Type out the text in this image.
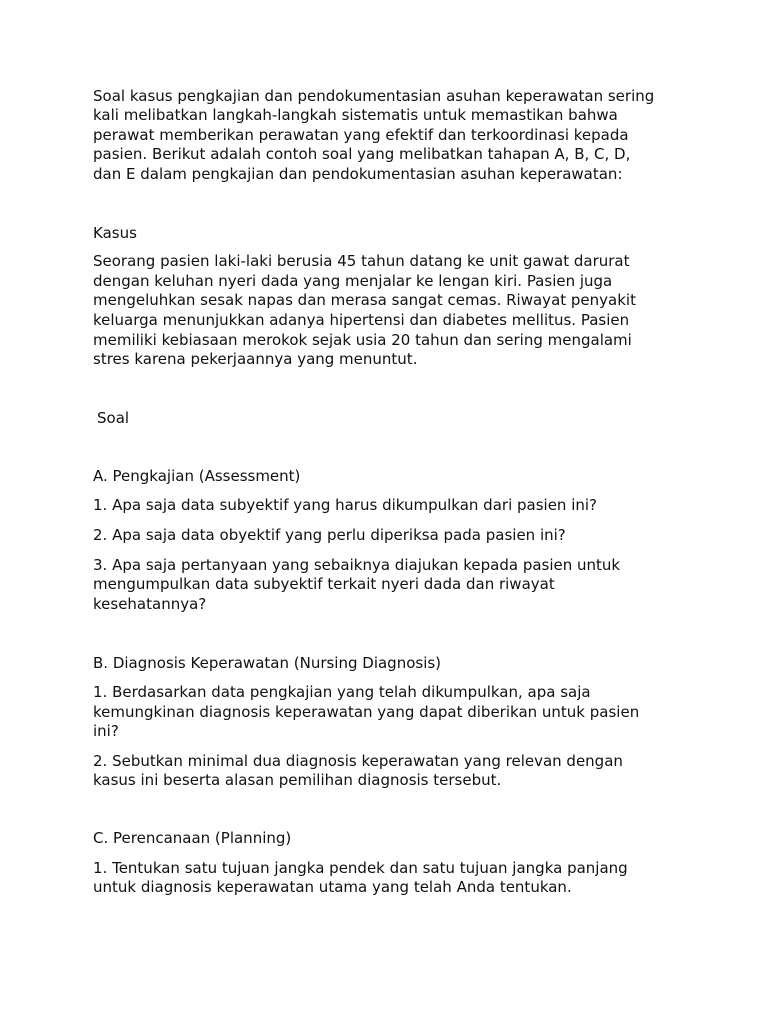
Soal kasus pengkajian dan pendokumentasian asuhan keperawatan sering

kali melibatkan langkah-langkah sistematis untuk memastikan bahwa

perawat memberikan perawatan yang efektif dan terkoordinasi kepada

pasien. Berikut adalah contoh soal yang melibatkan tahapan A, B, C, D,

dan E dalam pengkajian dan pendokumentasian asuhan keperawatan:

Kasus

Seorang pasien laki-laki berusia 45 tahun datang ke unit gawat darurat

dengan keluhan nyeri dada yang menjalar ke lengan kiri. Pasien juga

mengeluhkan sesak napas dan merasa sangat cemas. Riwayat penyakit

keluarga menunjukkan adanya hipertensi dan diabetes mellitus. Pasien

memiliki kebiasaan merokok sejak usia 20 tahun dan sering mengalami

stres karena pekerjaannya yang menuntut.

Soal

A. Pengkajian (Assessment)

1. Apa saja data subyektif yang harus dikumpulkan dari pasien ini?

2. Apa saja data obyektif yang perlu diperiksa pada pasien ini?

3. Apa saja pertanyaan yang sebaiknya diajukan kepada pasien untuk

mengumpulkan data subyektif terkait nyeri dada dan riwayat

kesehatannya?

B. Diagnosis Keperawatan (Nursing Diagnosis)

1. Berdasarkan data pengkajian yang telah dikumpulkan, apa saja

kemungkinan diagnosis keperawatan yang dapat diberikan untuk pasien

ini?

2. Sebutkan minimal dua diagnosis keperawatan yang relevan dengan

kasus ini beserta alasan pemilihan diagnosis tersebut.

C. Perencanaan (Planning)

1. Tentukan satu tujuan jangka pendek dan satu tujuan jangka panjang

untuk diagnosis keperawatan utama yang telah Anda tentukan.
